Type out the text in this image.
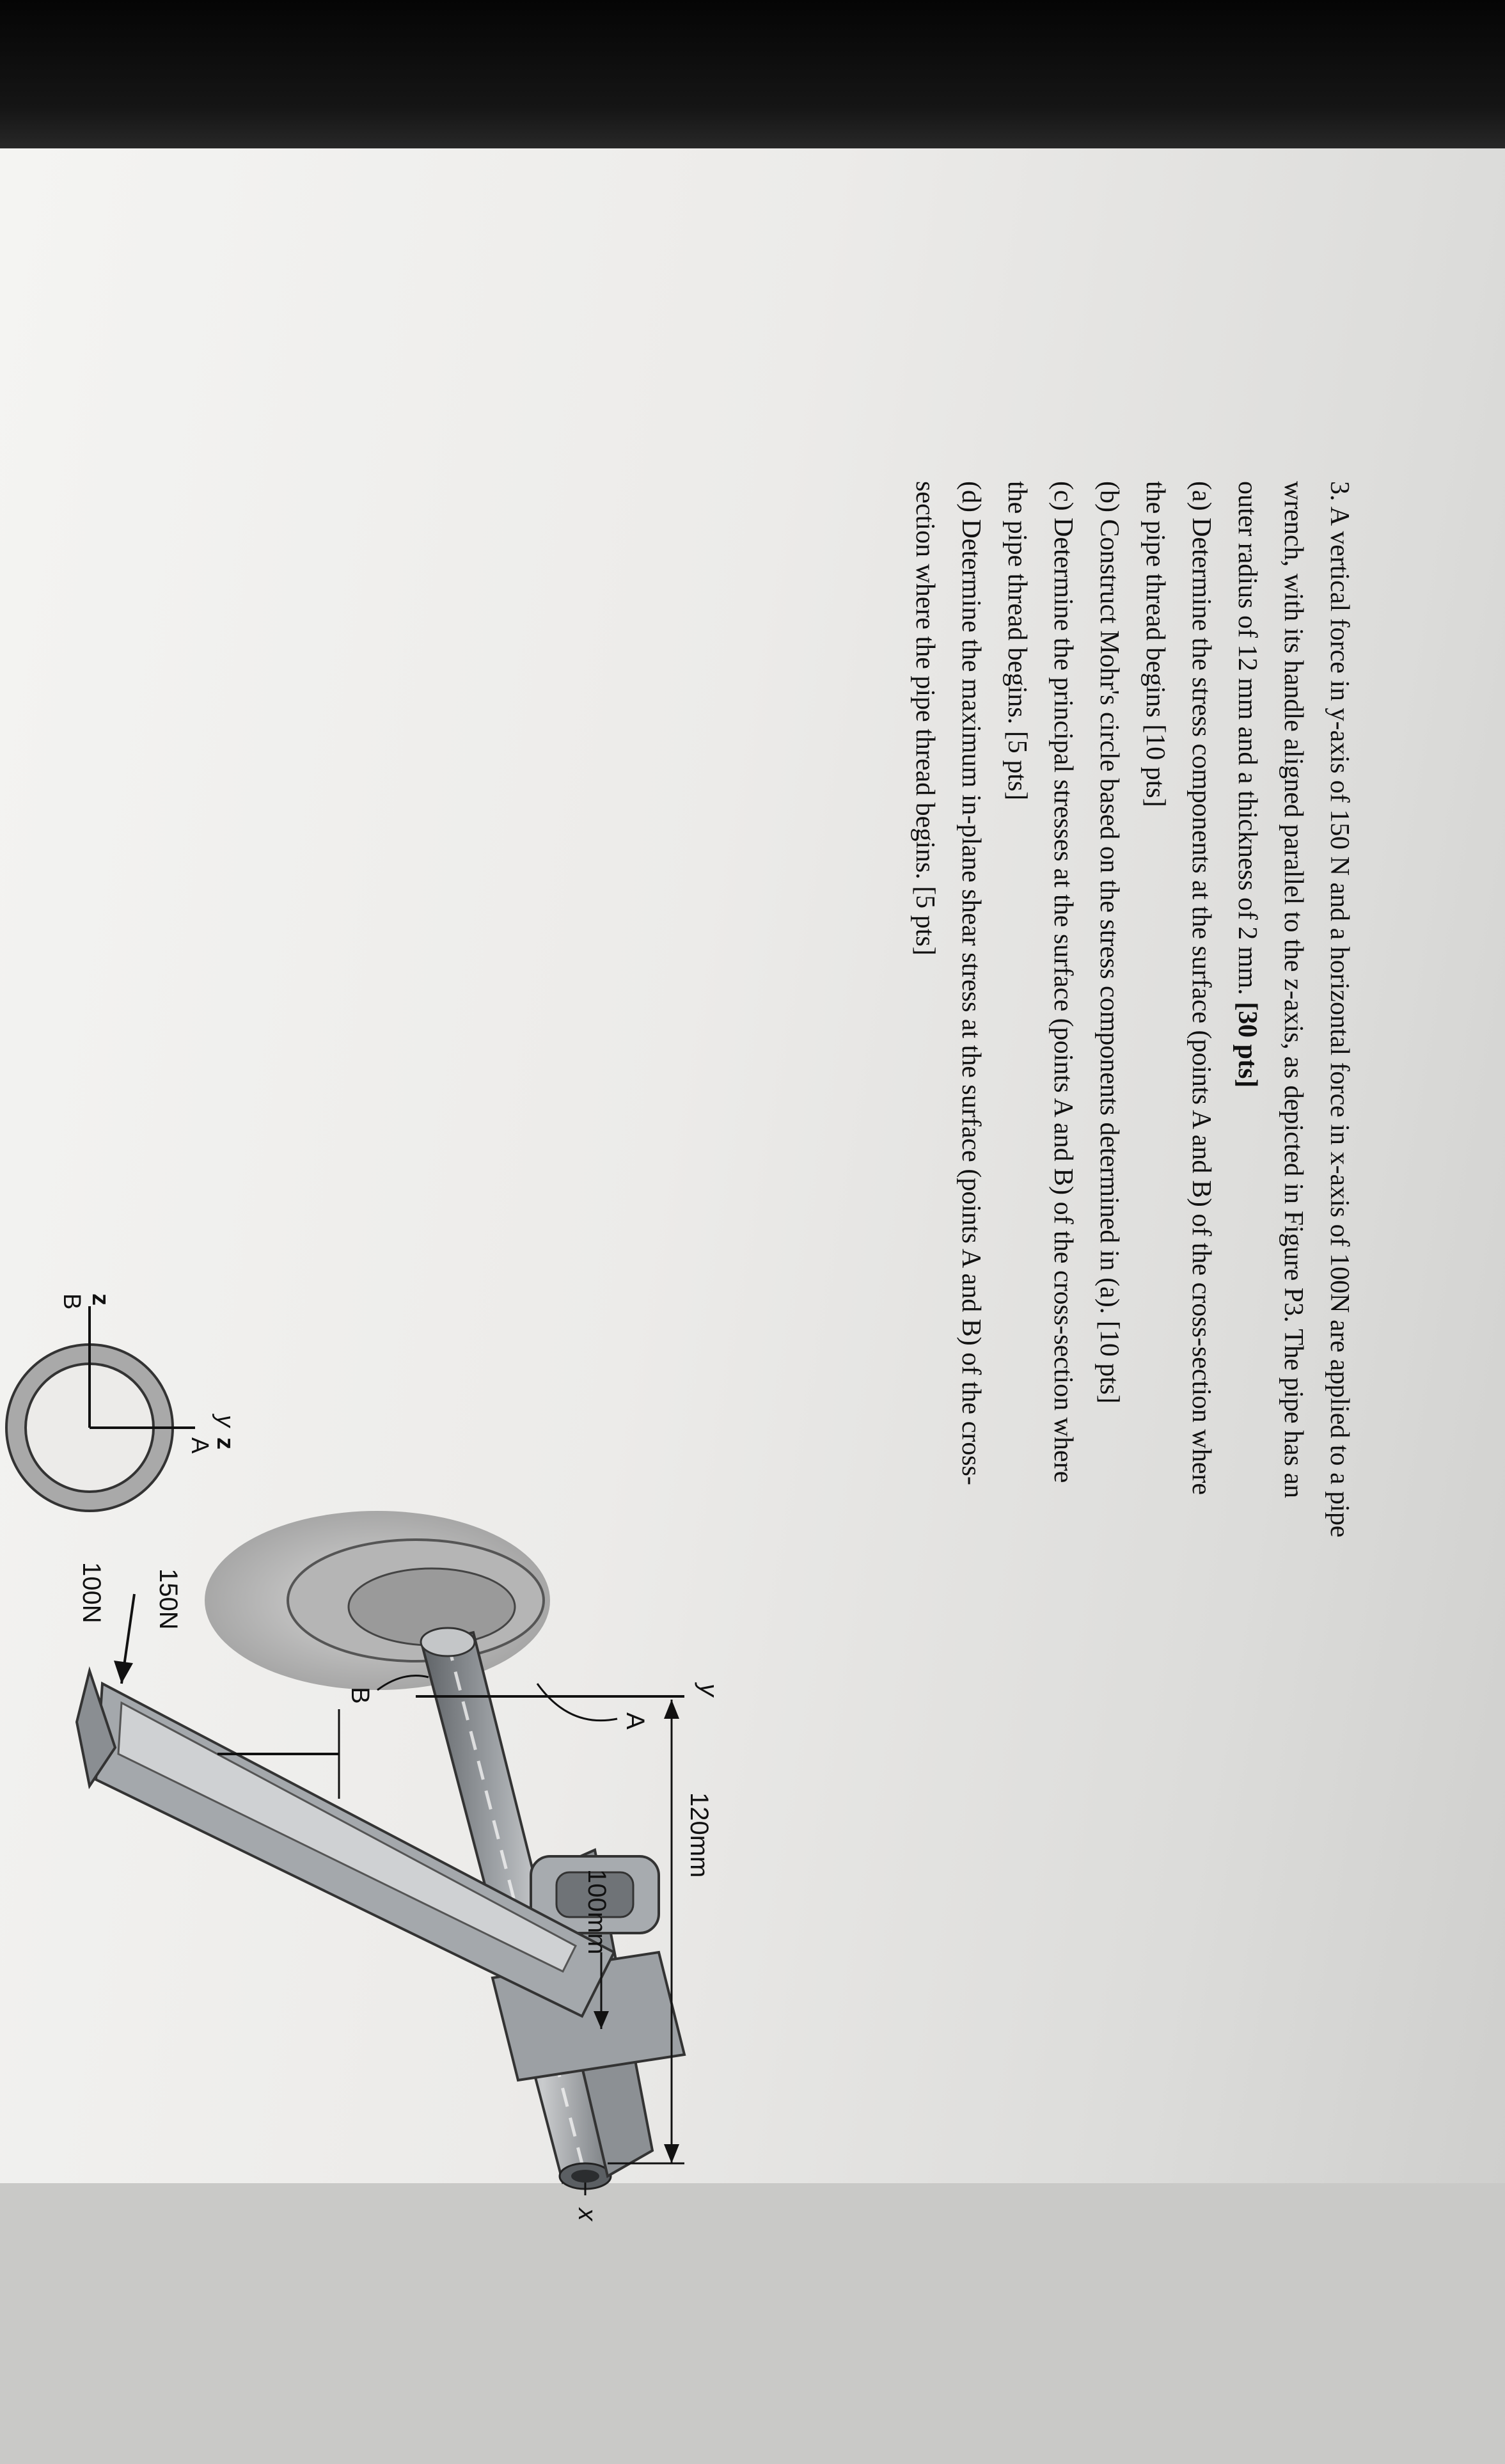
3. A vertical force in y-axis of 150 N and a horizontal force in x-axis of 100N are applied to a pipe

wrench, with its handle aligned parallel to the z-axis, as depicted in Figure P3. The pipe has an

outer radius of 12 mm and a thickness of 2 mm. [30 pts]

(a) Determine the stress components at the surface (points A and B) of the cross-section where

the pipe thread begins [10 pts]

(b) Construct Mohr's circle based on the stress components determined in (a). [10 pts]

(c) Determine the principal stresses at the surface (points A and B) of the cross-section where

the pipe thread begins. [5 pts]

(d) Determine the maximum in-plane shear stress at the surface (points A and B) of the cross-

section where the pipe thread begins. [5 pts]

y
x
120mm
100mm
A
B
150N
100N
y
z
A
z
B
